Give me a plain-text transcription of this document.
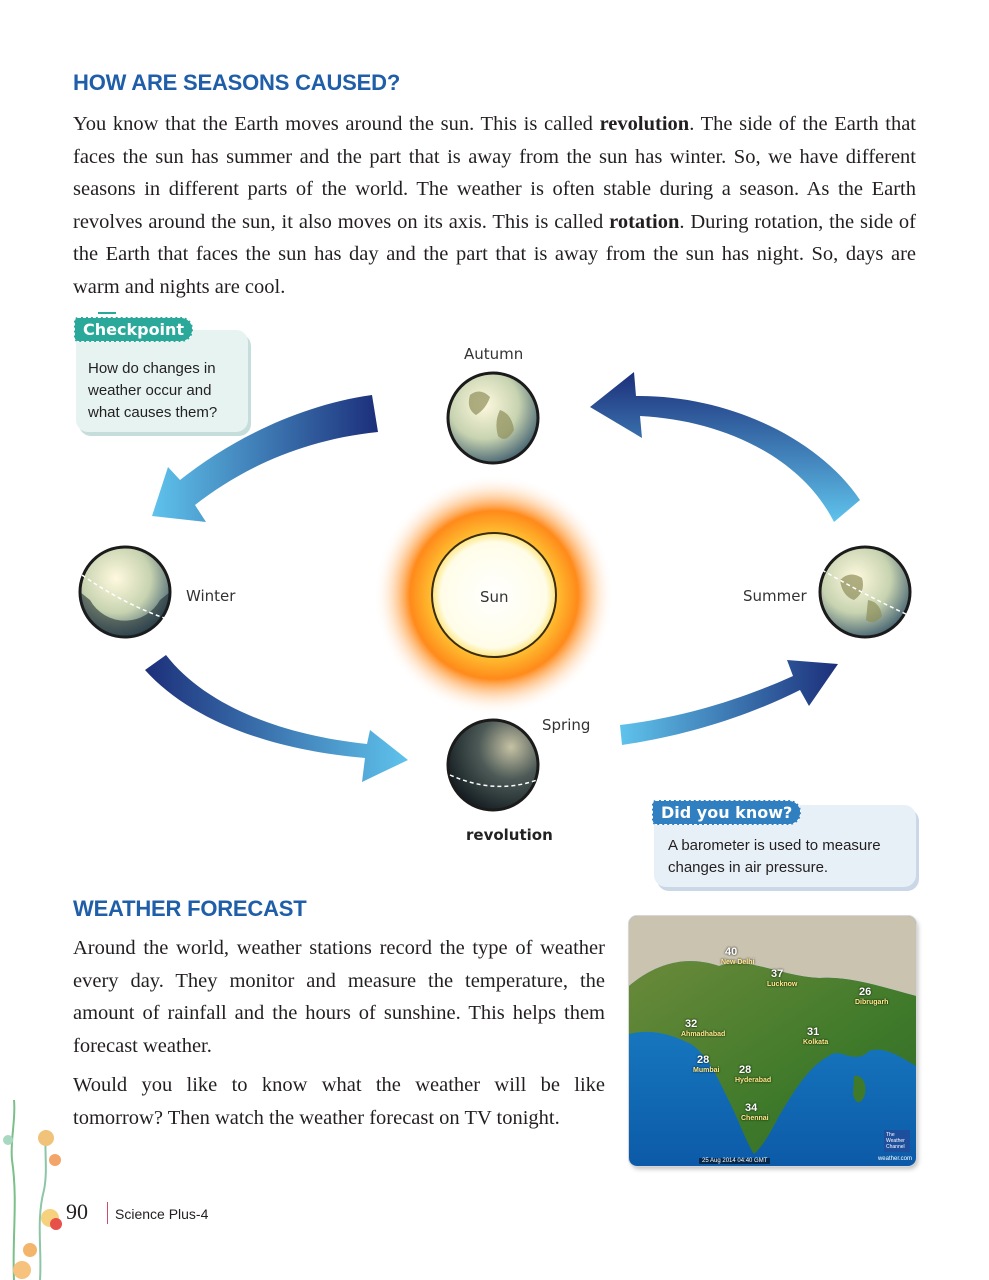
HOW ARE SEASONS CAUSED?

You know that the Earth moves around the sun. This is called revolution. The side of the Earth that faces the sun has summer and the part that is away from the sun has winter. So, we have different seasons in different parts of the world. The weather is often stable during a season. As the Earth revolves around the sun, it also moves on its axis. This is called rotation. During rotation, the side of the Earth that faces the sun has day and the part that is away from the sun has night. So, days are warm and nights are cool.

Autumn
Winter	Sun	Summer
Spring
revolution
How do changes in weather occur and what causes them?
Checkpoint
A barometer is used to measure changes in air pressure.
Did you know?
WEATHER FORECAST

Around the world, weather stations record the type of weather every day. They monitor and measure the temperature, the amount of rainfall and the hours of sunshine. This helps them forecast weather.

Would you like to know what the weather will be like tomorrow? Then watch the weather forecast on TV tonight.

40
New Delhi
37
Lucknow
26
Dibrugarh
32
Ahmadhabad	31
Kolkata
28
Mumbai 28
Hyderabad
34
Chennai
25 Aug 2014 04:40 GMT
The Weather Channel
weather.com
90 Science Plus-4
